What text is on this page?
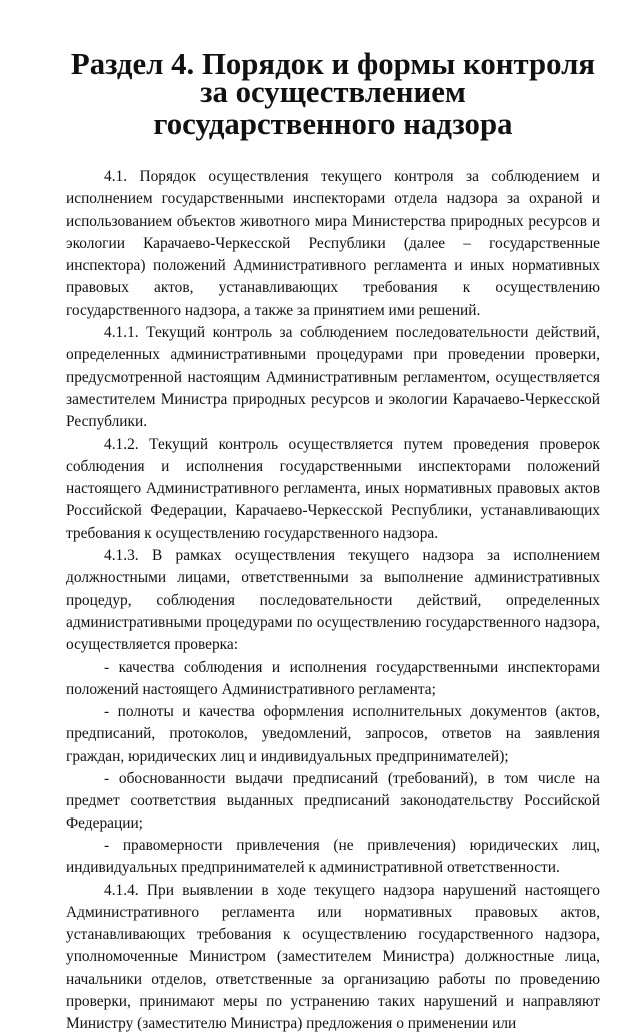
Раздел 4. Порядок и формы контроля за осуществлением
государственного надзора

4.1. Порядок осуществления текущего контроля за соблюдением и исполнением государственными инспекторами отдела надзора за охраной и использованием объектов животного мира Министерства природных ресурсов и экологии Карачаево-Черкесской Республики (далее – государственные инспектора) положений Административного регламента и иных нормативных правовых актов, устанавливающих требования к осуществлению государственного надзора, а также за принятием ими решений.

4.1.1. Текущий контроль за соблюдением последовательности действий, определенных административными процедурами при проведении проверки, предусмотренной настоящим Административным регламентом, осуществляется заместителем Министра природных ресурсов и экологии Карачаево-Черкесской Республики.

4.1.2. Текущий контроль осуществляется путем проведения проверок соблюдения и исполнения государственными инспекторами положений настоящего Административного регламента, иных нормативных правовых актов Российской Федерации, Карачаево-Черкесской Республики, устанавливающих требования к осуществлению государственного надзора.

4.1.3. В рамках осуществления текущего надзора за исполнением должностными лицами, ответственными за выполнение административных процедур, соблюдения последовательности действий, определенных административными процедурами по осуществлению государственного надзора, осуществляется проверка:

- качества соблюдения и исполнения государственными инспекторами положений настоящего Административного регламента;

- полноты и качества оформления исполнительных документов (актов, предписаний, протоколов, уведомлений, запросов, ответов на заявления граждан, юридических лиц и индивидуальных предпринимателей);

- обоснованности выдачи предписаний (требований), в том числе на предмет соответствия выданных предписаний законодательству Российской Федерации;

- правомерности привлечения (не привлечения) юридических лиц, индивидуальных предпринимателей к административной ответственности.

4.1.4. При выявлении в ходе текущего надзора нарушений настоящего Административного регламента или нормативных правовых актов, устанавливающих требования к осуществлению государственного надзора, уполномоченные Министром (заместителем Министра) должностные лица, начальники отделов, ответственные за организацию работы по проведению проверки, принимают меры по устранению таких нарушений и направляют Министру (заместителю Министра) предложения о применении или
